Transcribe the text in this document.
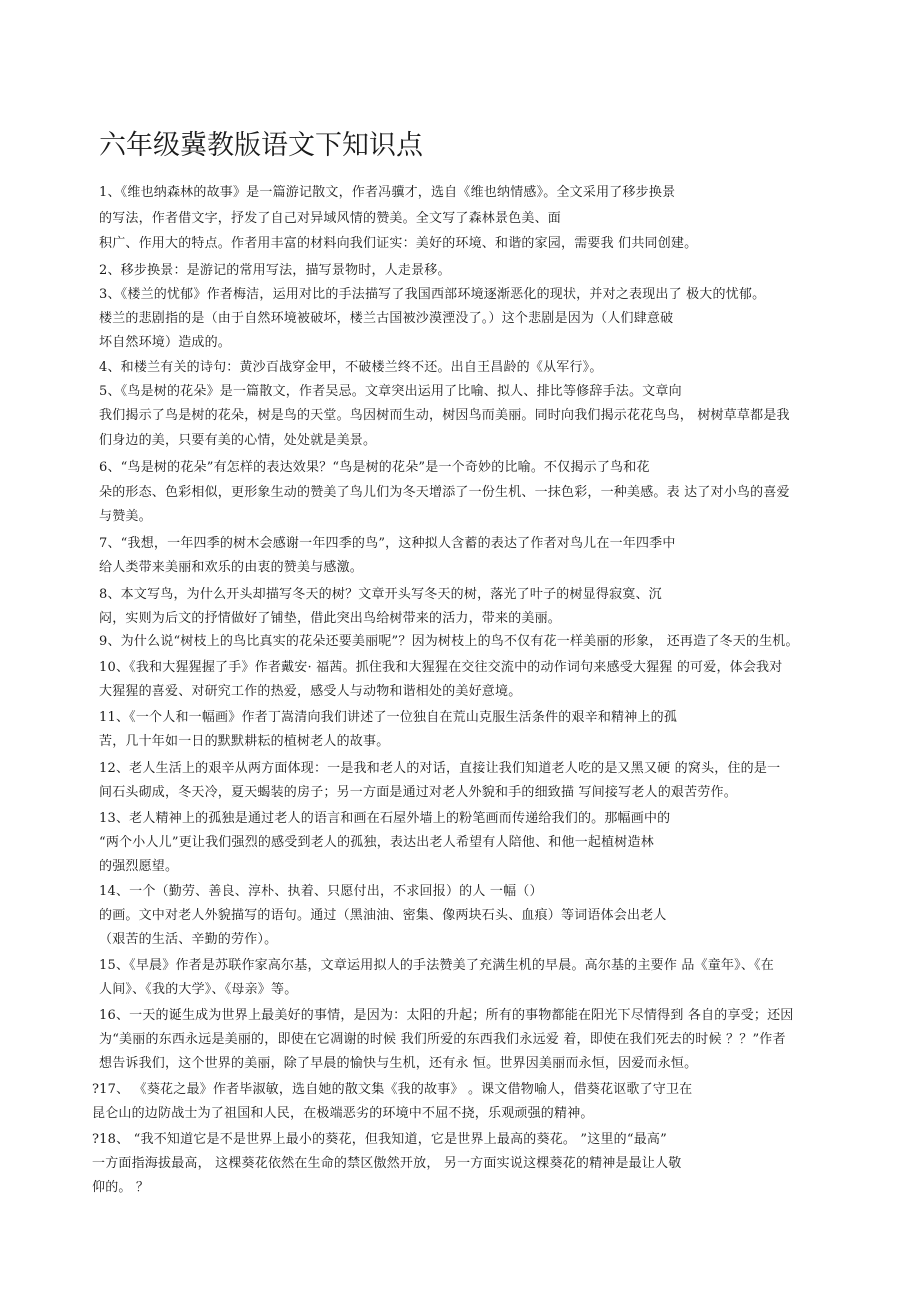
六年级冀教版语文下知识点
1、《维也纳森林的故事》是一篇游记散文，作者冯骥才，选自《维也纳情感》。全文采用了移步换景
的写法，作者借文字，抒发了自己对异域风情的赞美。全文写了森林景色美、面
积广、作用大的特点。作者用丰富的材料向我们证实：美好的环境、和谐的家园，需要我 们共同创建。
2、移步换景：是游记的常用写法，描写景物时，人走景移。
3、《楼兰的忧郁》作者梅洁，运用对比的手法描写了我国西部环境逐渐恶化的现状，并对之表现出了 极大的忧郁。
楼兰的悲剧指的是（由于自然环境被破坏，楼兰古国被沙漠湮没了。）这个悲剧是因为（人们肆意破
坏自然环境）造成的。
4、和楼兰有关的诗句：黄沙百战穿金甲，不破楼兰终不还。出自王昌龄的《从军行》。
5、《鸟是树的花朵》是一篇散文，作者吴忌。文章突出运用了比喻、拟人、排比等修辞手法。文章向
我们揭示了鸟是树的花朵，树是鸟的天堂。鸟因树而生动，树因鸟而美丽。同时向我们揭示花花鸟鸟， 树树草草都是我
们身边的美，只要有美的心情，处处就是美景。
6、“鸟是树的花朵”有怎样的表达效果？“鸟是树的花朵”是一个奇妙的比喻。不仅揭示了鸟和花
朵的形态、色彩相似，更形象生动的赞美了鸟儿们为冬天增添了一份生机、一抹色彩，一种美感。表 达了对小鸟的喜爱
与赞美。
7、“我想，一年四季的树木会感谢一年四季的鸟”，这种拟人含蓄的表达了作者对鸟儿在一年四季中
给人类带来美丽和欢乐的由衷的赞美与感激。
8、本文写鸟，为什么开头却描写冬天的树？文章开头写冬天的树，落光了叶子的树显得寂寞、沉
闷，实则为后文的抒情做好了铺垫，借此突出鸟给树带来的活力，带来的美丽。
9、为什么说“树枝上的鸟比真实的花朵还要美丽呢”？因为树枝上的鸟不仅有花一样美丽的形象， 还再造了冬天的生机。
10、《我和大猩猩握了手》作者戴安· 福茜。抓住我和大猩猩在交往交流中的动作词句来感受大猩猩 的可爱，体会我对
大猩猩的喜爱、对研究工作的热爱，感受人与动物和谐相处的美好意境。
11、《一个人和一幅画》作者丁嵩清向我们讲述了一位独自在荒山克服生活条件的艰辛和精神上的孤
苦，几十年如一日的默默耕耘的植树老人的故事。
12、老人生活上的艰辛从两方面体现：一是我和老人的对话，直接让我们知道老人吃的是又黑又硬 的窝头，住的是一
间石头砌成，冬天冷，夏天蝎装的房子；另一方面是通过对老人外貌和手的细致描 写间接写老人的艰苦劳作。
13、老人精神上的孤独是通过老人的语言和画在石屋外墙上的粉笔画而传递给我们的。那幅画中的
“两个小人儿”更让我们强烈的感受到老人的孤独，表达出老人希望有人陪他、和他一起植树造林
的强烈愿望。
14、一个（勤劳、善良、淳朴、执着、只愿付出，不求回报）的人 一幅（）
的画。文中对老人外貌描写的语句。通过（黑油油、密集、像两块石头、血痕）等词语体会出老人
（艰苦的生活、辛勤的劳作）。
15、《早晨》作者是苏联作家高尔基，文章运用拟人的手法赞美了充满生机的早晨。高尔基的主要作 品《童年》、《在
人间》、《我的大学》、《母亲》等。
16、一天的诞生成为世界上最美好的事情，是因为：太阳的升起；所有的事物都能在阳光下尽情得到 各自的享受；还因
为“美丽的东西永远是美丽的，即使在它凋谢的时候 我们所爱的东西我们永远爱 着，即使在我们死去的时候 ？？”作者
想告诉我们，这个世界的美丽，除了早晨的愉快与生机，还有永 恒。世界因美丽而永恒，因爱而永恒。
?17、 《葵花之最》作者毕淑敏，选自她的散文集《我的故事》 。课文借物喻人，借葵花讴歌了守卫在
昆仑山的边防战士为了祖国和人民，在极端恶劣的环境中不屈不挠，乐观顽强的精神。
?18、 “我不知道它是不是世界上最小的葵花，但我知道，它是世界上最高的葵花。 ”这里的“最高”
一方面指海拔最高， 这棵葵花依然在生命的禁区傲然开放， 另一方面实说这棵葵花的精神是最让人敬
仰的。 ？
